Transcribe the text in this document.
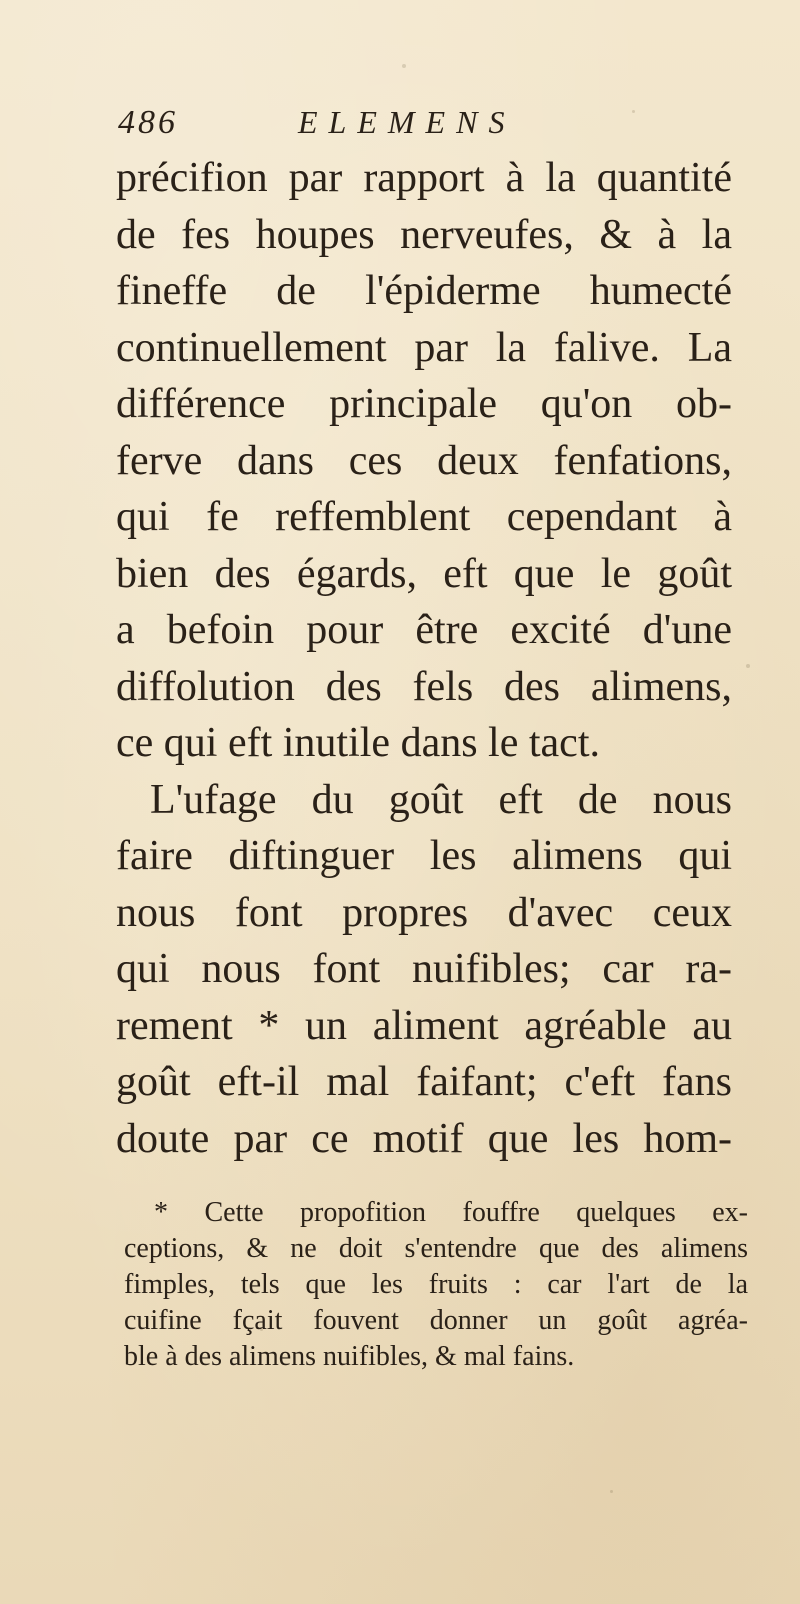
486	ELEMENS
précifion par rapport à la quantité
de fes houpes nerveufes, & à la
fineffe de l'épiderme humecté
continuellement par la falive. La
différence principale qu'on ob-
ferve dans ces deux fenfations,
qui fe reffemblent cependant à
bien des égards, eft que le goût
a befoin pour être excité d'une
diffolution des fels des alimens,
ce qui eft inutile dans le tact.
L'ufage du goût eft de nous
faire diftinguer les alimens qui
nous font propres d'avec ceux
qui nous font nuifibles; car ra-
rement * un aliment agréable au
goût eft-il mal faifant; c'eft fans
doute par ce motif que les hom-
* Cette propofition fouffre quelques ex-
ceptions, & ne doit s'entendre que des alimens
fimples, tels que les fruits : car l'art de la
cuifine fçait fouvent donner un goût agréa-
ble à des alimens nuifibles, & mal fains.
